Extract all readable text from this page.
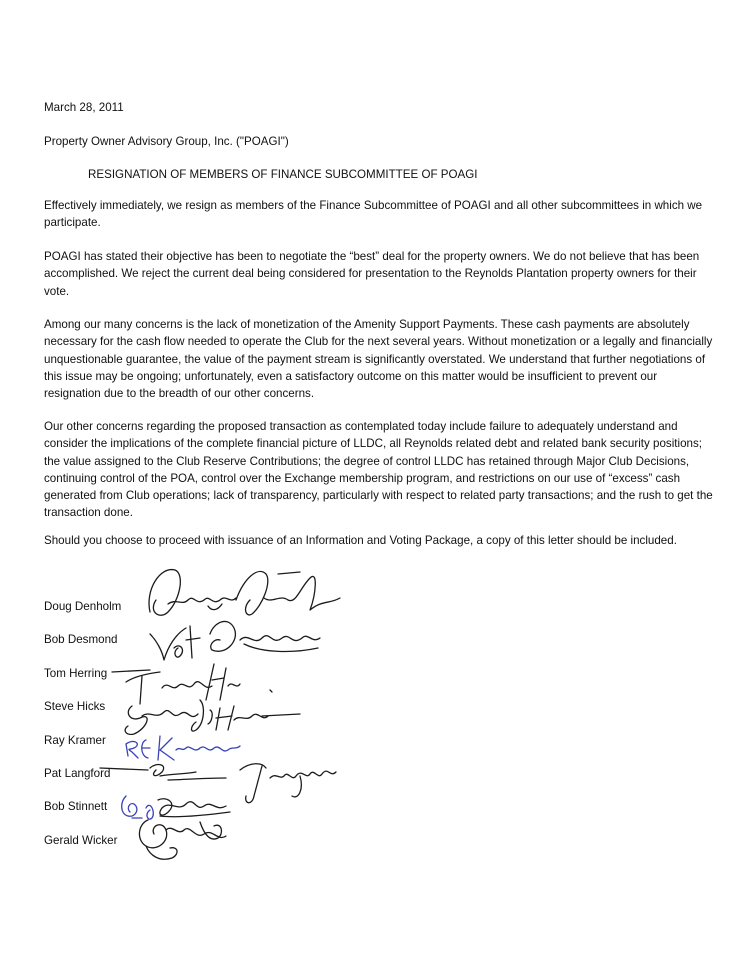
March 28, 2011
Property Owner Advisory Group, Inc. ("POAGI")
RESIGNATION OF MEMBERS OF FINANCE SUBCOMMITTEE OF POAGI
Effectively immediately, we resign as members of the Finance Subcommittee of POAGI and all other subcommittees in which we participate.
POAGI has stated their objective has been to negotiate the “best” deal for the property owners. We do not believe that has been accomplished. We reject the current deal being considered for presentation to the Reynolds Plantation property owners for their vote.
Among our many concerns is the lack of monetization of the Amenity Support Payments. These cash payments are absolutely necessary for the cash flow needed to operate the Club for the next several years. Without monetization or a legally and financially unquestionable guarantee, the value of the payment stream is significantly overstated. We understand that further negotiations of this issue may be ongoing; unfortunately, even a satisfactory outcome on this matter would be insufficient to prevent our resignation due to the breadth of our other concerns.
Our other concerns regarding the proposed transaction as contemplated today include failure to adequately understand and consider the implications of the complete financial picture of LLDC, all Reynolds related debt and related bank security positions; the value assigned to the Club Reserve Contributions; the degree of control LLDC has retained through Major Club Decisions, continuing control of the POA, control over the Exchange membership program, and restrictions on our use of “excess” cash generated from Club operations; lack of transparency, particularly with respect to related party transactions; and the rush to get the transaction done.
Should you choose to proceed with issuance of an Information and Voting Package, a copy of this letter should be included.
Doug Denholm
Bob Desmond
Tom Herring
Steve Hicks
Ray Kramer
Pat Langford
Bob Stinnett
Gerald Wicker
